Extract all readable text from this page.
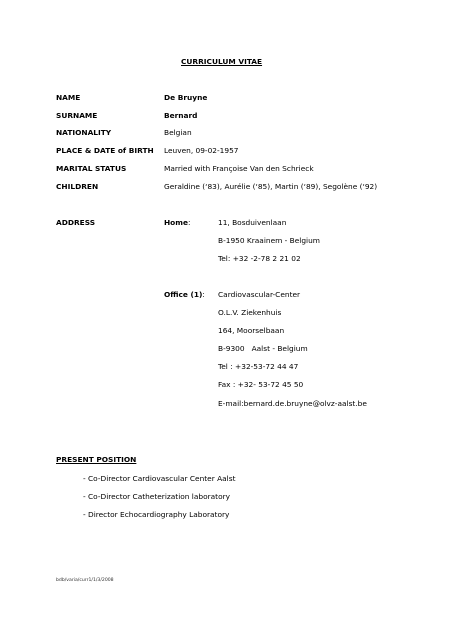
CURRICULUM VITAE
NAME	De Bruyne
SURNAME	Bernard
NATIONALITY	Belgian
PLACE & DATE of BIRTH Leuven, 09-02-1957
MARITAL STATUS	Married with Françoise Van den Schrieck
CHILDREN	Geraldine (‘83), Aurélie (‘85), Martin (‘89), Segolène (‘92)
ADDRESS	Home:	11, Bosduivenlaan
B-1950 Kraainem - Belgium
Tel: +32 -2-78 2 21 02
Office (1): Cardiovascular-Center
O.L.V. Ziekenhuis
164, Moorselbaan
B-9300   Aalst - Belgium
Tel : +32-53-72 44 47
Fax : +32- 53-72 45 50
E-mail:bernard.de.bruyne@olvz-aalst.be
PRESENT POSITION
- Co-Director Cardiovascular Center Aalst
- Co-Director Catheterization laboratory
- Director Echocardiography Laboratory
bdb/varia/curr1/1/3/2008
